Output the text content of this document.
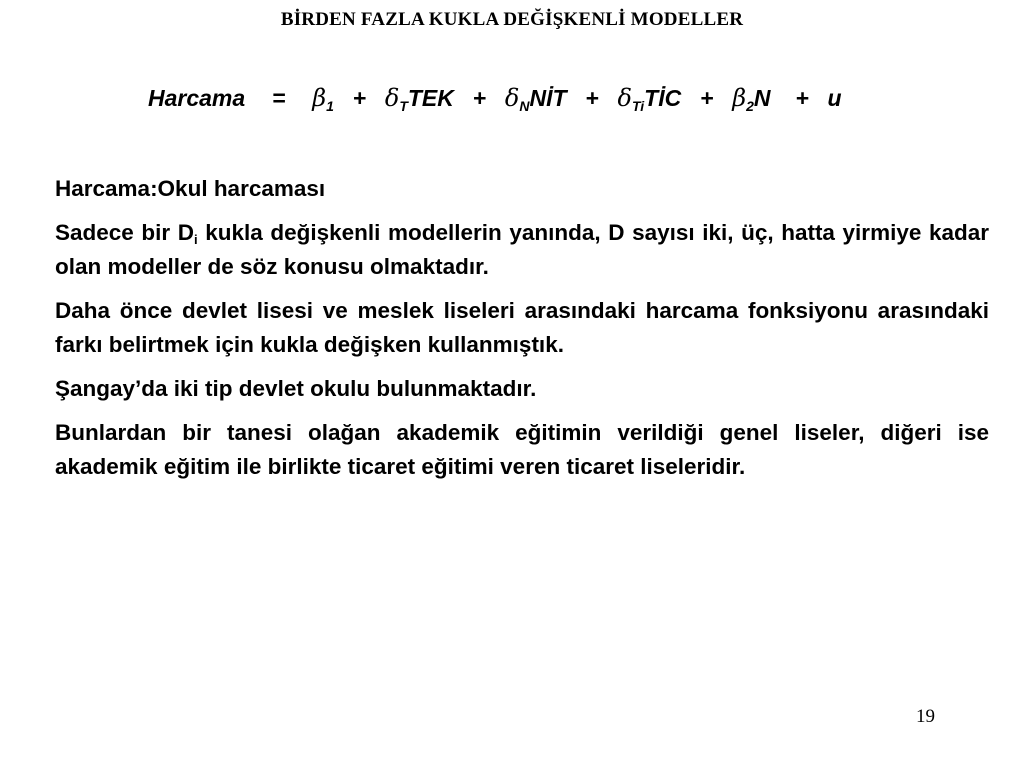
BİRDEN FAZLA KUKLA DEĞİŞKENLİ MODELLER
Harcama = $\beta_1 + \delta_TTEK$ + $\delta_NNİT$ + $\delta_{Ti}TİC + \beta_2N + u$

Harcama:Okul harcaması

Sadece bir $D_i$ kukla değişkenli modellerin yanında, D sayısı iki, üç, hatta yirmiye kadar olan modeller de söz konusu olmaktadır.

Daha önce devlet lisesi ve meslek liseleri arasındaki harcama fonksiyonu arasındaki farkı belirtmek için kukla değişken kullanmıştık.

Şangay’da iki tip devlet okulu bulunmaktadır.

Bunlardan bir tanesi olağan akademik eğitimin verildiği genel liseler, diğeri ise akademik eğitim ile birlikte ticaret eğitimi veren ticaret liseleridir.

19
